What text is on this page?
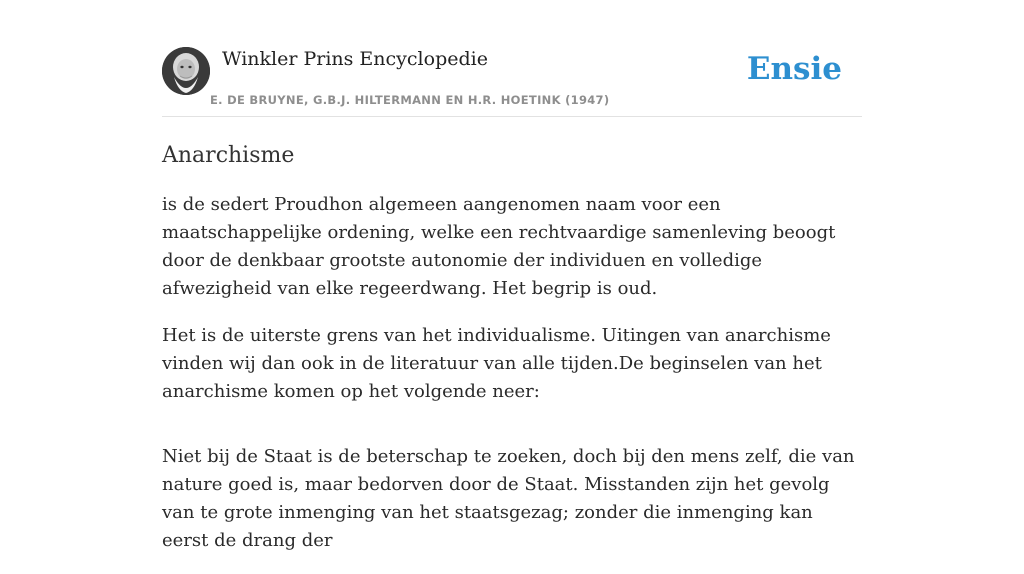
Winkler Prins Encyclopedie
E. DE BRUYNE, G.B.J. HILTERMANN EN H.R. HOETINK (1947)
Ensie
Anarchisme

is de sedert Proudhon algemeen aangenomen naam voor een maatschappelijke ordening, welke een rechtvaardige samenleving beoogt door de denkbaar grootste autonomie der individuen en volledige afwezigheid van elke regeerdwang. Het begrip is oud.

Het is de uiterste grens van het individualisme. Uitingen van anarchisme vinden wij dan ook in de literatuur van alle tijden.De beginselen van het anarchisme komen op het volgende neer:

Niet bij de Staat is de beterschap te zoeken, doch bij den mens zelf, die van nature goed is, maar bedorven door de Staat. Misstanden zijn het gevolg van te grote inmenging van het staatsgezag; zonder die inmenging kan eerst de drang der
